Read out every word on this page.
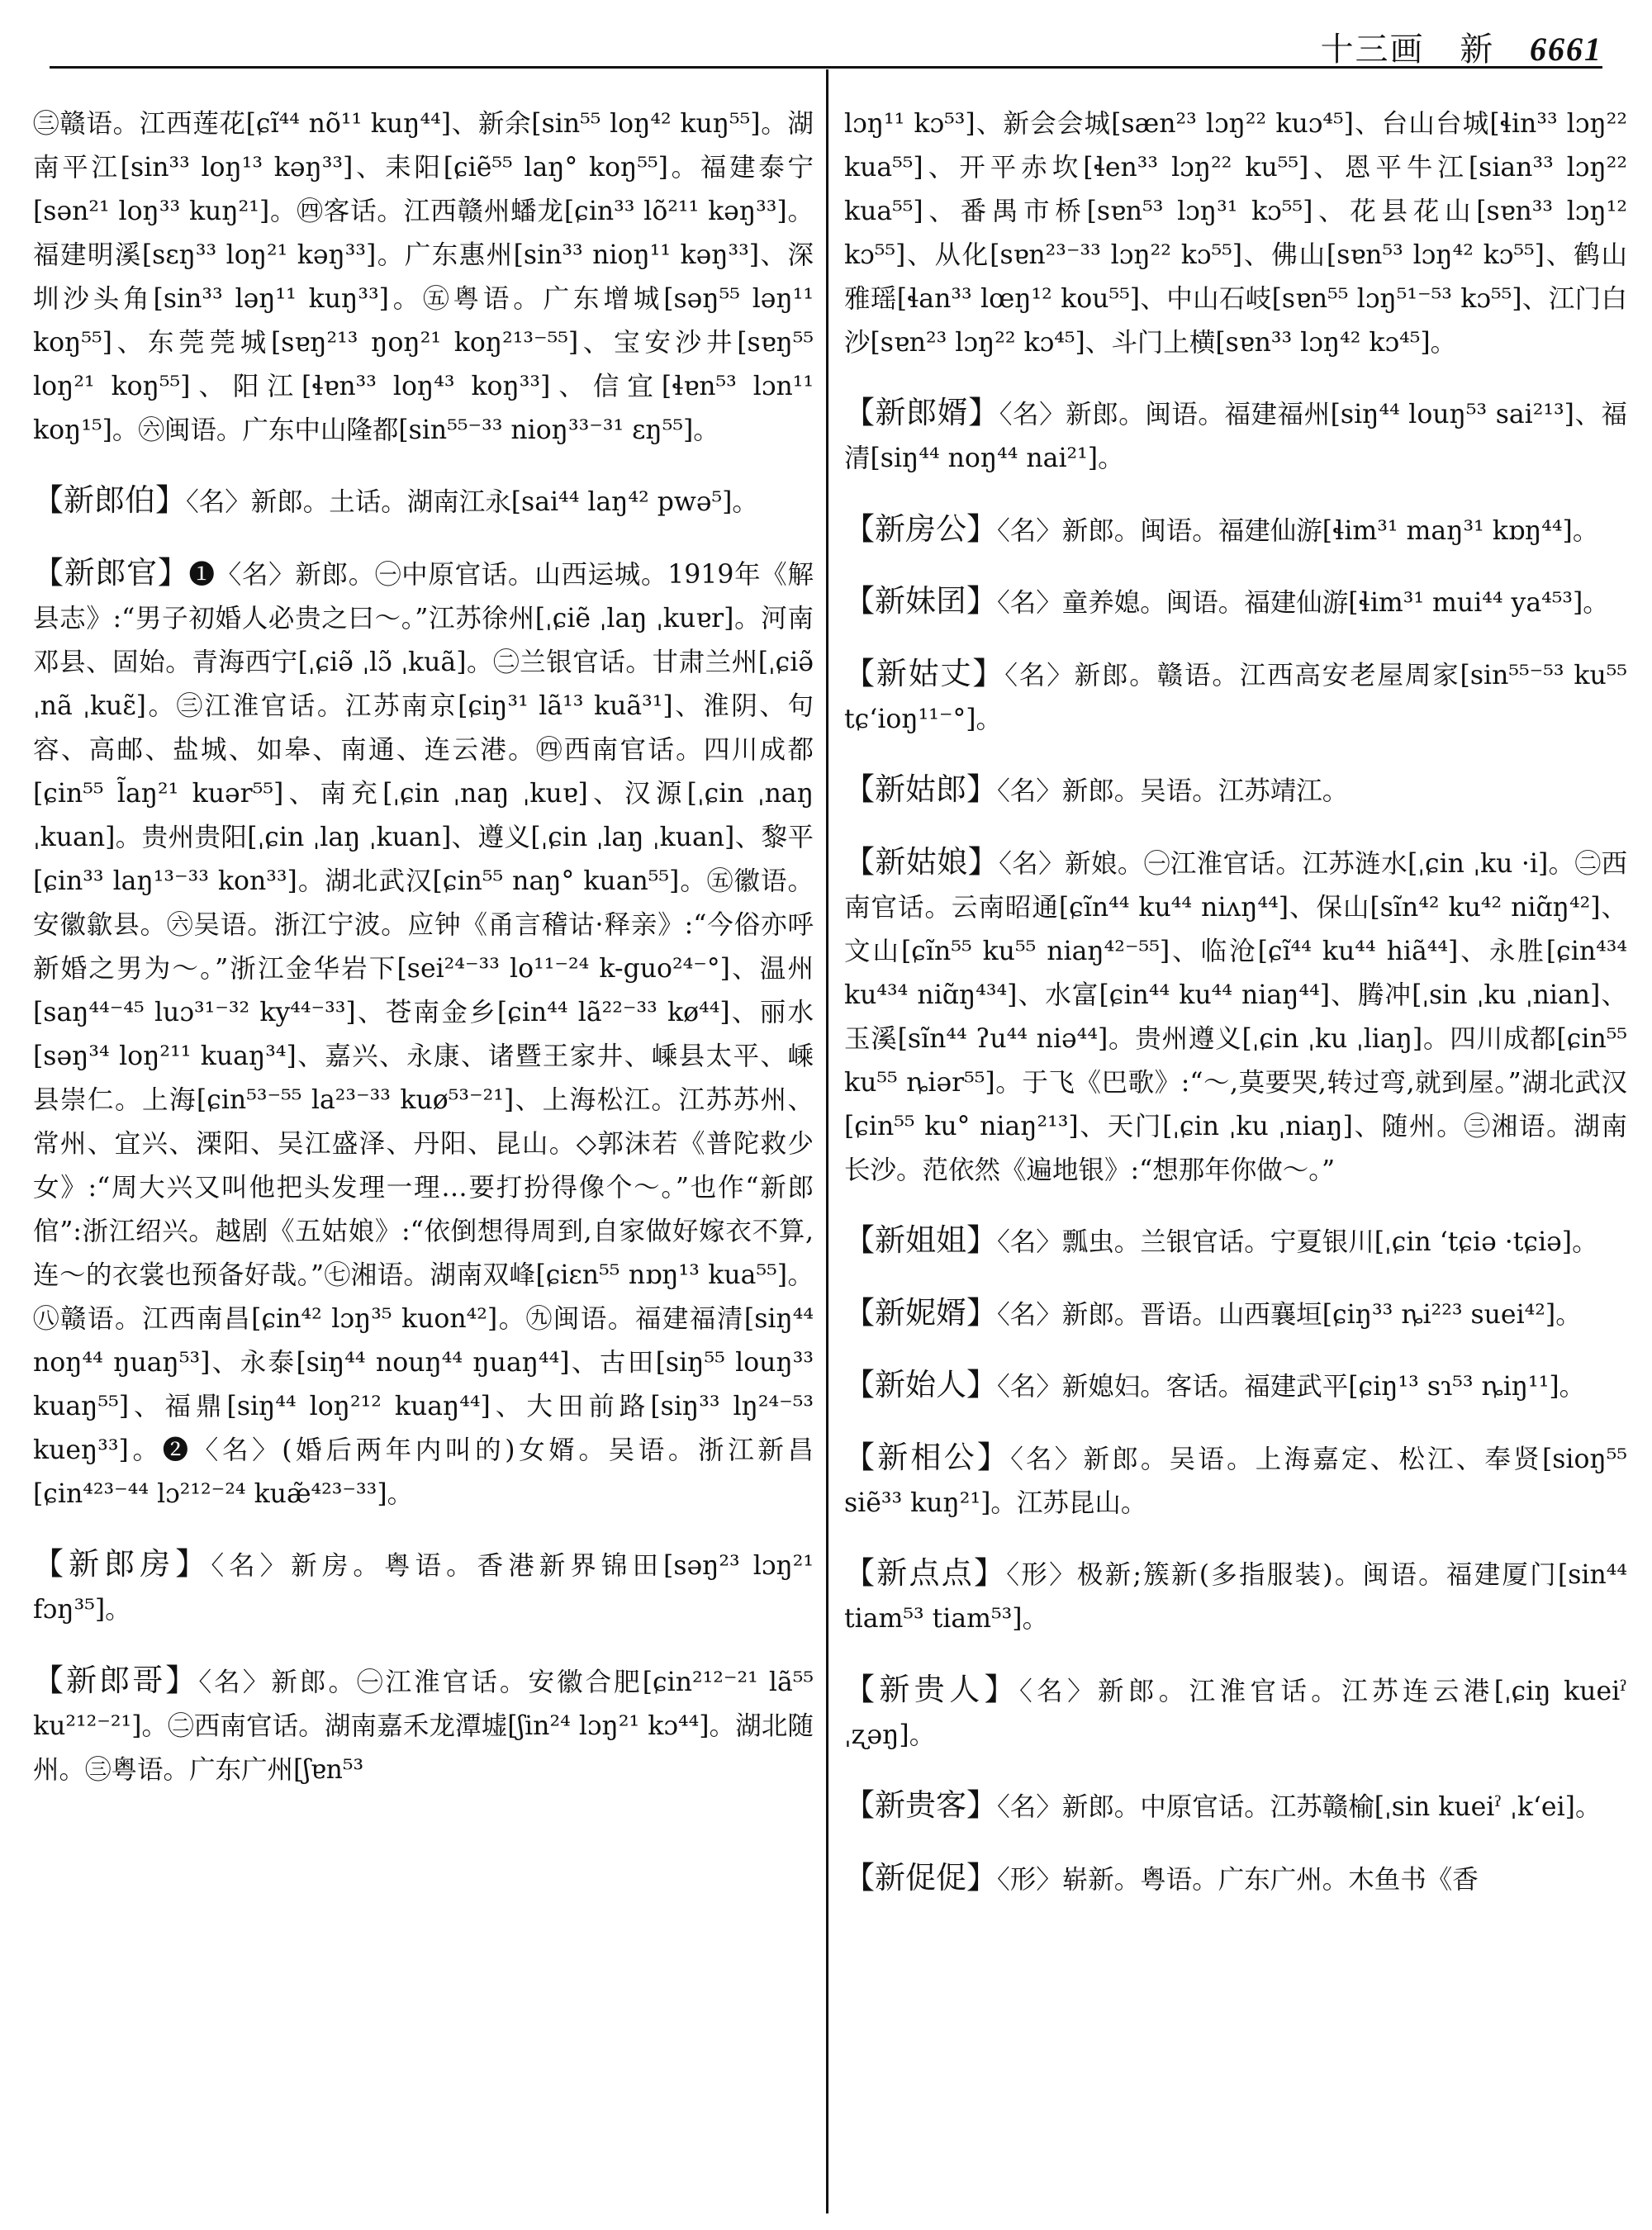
十三画 新 6661

㊂赣语。江西莲花[ɕĩ⁴⁴ nõ¹¹ kuŋ⁴⁴]、新余[sin⁵⁵ loŋ⁴² kuŋ⁵⁵]。湖南平江[sin³³ loŋ¹³ kəŋ³³]、耒阳[ɕiẽ⁵⁵ laŋ° koŋ⁵⁵]。福建泰宁[sən²¹ loŋ³³ kuŋ²¹]。㊃客话。江西赣州蟠龙[ɕin³³ lõ²¹¹ kəŋ³³]。福建明溪[sɛŋ³³ loŋ²¹ kəŋ³³]。广东惠州[sin³³ nioŋ¹¹ kəŋ³³]、深圳沙头角[sin³³ ləŋ¹¹ kuŋ³³]。㊄粤语。广东增城[səŋ⁵⁵ ləŋ¹¹ koŋ⁵⁵]、东莞莞城[sɐŋ²¹³ ŋoŋ²¹ koŋ²¹³⁻⁵⁵]、宝安沙井[sɐŋ⁵⁵ loŋ²¹ koŋ⁵⁵]、阳江[ɬɐn³³ loŋ⁴³ koŋ³³]、信宜[ɬɐn⁵³ lɔn¹¹ koŋ¹⁵]。㊅闽语。广东中山隆都[sin⁵⁵⁻³³ nioŋ³³⁻³¹ ɛŋ⁵⁵]。

【新郎伯】〈名〉新郎。土话。湖南江永[sai⁴⁴ laŋ⁴² pwə⁵]。

【新郎官】❶〈名〉新郎。㊀中原官话。山西运城。1919年《解县志》:“男子初婚人必贵之曰～。”江苏徐州[ˌɕiẽ ˌlaŋ ˌkuɐr]。河南邓县、固始。青海西宁[ˌɕiə̃ ˌlɔ̃ ˌkuã]。㊁兰银官话。甘肃兰州[ˌɕiə̃ ˌnã ˌkuɛ̃]。㊂江淮官话。江苏南京[ɕiŋ³¹ lã¹³ kuã³¹]、淮阴、句容、高邮、盐城、如皋、南通、连云港。㊃西南官话。四川成都[ɕin⁵⁵ l̃aŋ²¹ kuər⁵⁵]、南充[ˌɕin ˌnaŋ ˌkuɐ]、汉源[ˌɕin ˌnaŋ ˌkuan]。贵州贵阳[ˌɕin ˌlaŋ ˌkuan]、遵义[ˌɕin ˌlaŋ ˌkuan]、黎平[ɕin³³ laŋ¹³⁻³³ kon³³]。湖北武汉[ɕin⁵⁵ naŋ° kuan⁵⁵]。㊄徽语。安徽歙县。㊅吴语。浙江宁波。应钟《甬言稽诂·释亲》:“今俗亦呼新婚之男为～。”浙江金华岩下[sei²⁴⁻³³ lo¹¹⁻²⁴ k-guo²⁴⁻°]、温州[saŋ⁴⁴⁻⁴⁵ luɔ³¹⁻³² ky⁴⁴⁻³³]、苍南金乡[ɕin⁴⁴ lã²²⁻³³ kø⁴⁴]、丽水[səŋ³⁴ loŋ²¹¹ kuaŋ³⁴]、嘉兴、永康、诸暨王家井、嵊县太平、嵊县崇仁。上海[ɕin⁵³⁻⁵⁵ la²³⁻³³ kuø⁵³⁻²¹]、上海松江。江苏苏州、常州、宜兴、溧阳、吴江盛泽、丹阳、昆山。◇郭沫若《普陀救少女》:“周大兴又叫他把头发理一理…要打扮得像个～。”也作“新郎倌”:浙江绍兴。越剧《五姑娘》:“依倒想得周到,自家做好嫁衣不算,连～的衣裳也预备好哉。”㊆湘语。湖南双峰[ɕiɛn⁵⁵ nɒŋ¹³ kua⁵⁵]。㊇赣语。江西南昌[ɕin⁴² lɔŋ³⁵ kuon⁴²]。㊈闽语。福建福清[siŋ⁴⁴ noŋ⁴⁴ ŋuaŋ⁵³]、永泰[siŋ⁴⁴ nouŋ⁴⁴ ŋuaŋ⁴⁴]、古田[siŋ⁵⁵ louŋ³³ kuaŋ⁵⁵]、福鼎[siŋ⁴⁴ loŋ²¹² kuaŋ⁴⁴]、大田前路[siŋ³³ lŋ²⁴⁻⁵³ kueŋ³³]。❷〈名〉(婚后两年内叫的)女婿。吴语。浙江新昌[ɕin⁴²³⁻⁴⁴ lɔ²¹²⁻²⁴ kuæ̃⁴²³⁻³³]。

【新郎房】〈名〉新房。粤语。香港新界锦田[səŋ²³ lɔŋ²¹ fɔŋ³⁵]。

【新郎哥】〈名〉新郎。㊀江淮官话。安徽合肥[ɕin²¹²⁻²¹ lã⁵⁵ ku²¹²⁻²¹]。㊁西南官话。湖南嘉禾龙潭墟[ʃin²⁴ lɔŋ²¹ kɔ⁴⁴]。湖北随州。㊂粤语。广东广州[ʃɐn⁵³

lɔŋ¹¹ kɔ⁵³]、新会会城[sæn²³ lɔŋ²² kuɔ⁴⁵]、台山台城[ɬin³³ lɔŋ²² kua⁵⁵]、开平赤坎[ɬen³³ lɔŋ²² ku⁵⁵]、恩平牛江[sian³³ lɔŋ²² kua⁵⁵]、番禺市桥[sɐn⁵³ lɔŋ³¹ kɔ⁵⁵]、花县花山[sɐn³³ lɔŋ¹² kɔ⁵⁵]、从化[sɐn²³⁻³³ lɔŋ²² kɔ⁵⁵]、佛山[sɐn⁵³ lɔŋ⁴² kɔ⁵⁵]、鹤山雅瑶[ɬan³³ lœŋ¹² kou⁵⁵]、中山石岐[sɐn⁵⁵ lɔŋ⁵¹⁻⁵³ kɔ⁵⁵]、江门白沙[sɐn²³ lɔŋ²² kɔ⁴⁵]、斗门上横[sɐn³³ lɔŋ⁴² kɔ⁴⁵]。

【新郎婿】〈名〉新郎。闽语。福建福州[siŋ⁴⁴ louŋ⁵³ sai²¹³]、福清[siŋ⁴⁴ noŋ⁴⁴ nai²¹]。

【新房公】〈名〉新郎。闽语。福建仙游[ɬim³¹ maŋ³¹ kɒŋ⁴⁴]。

【新妹囝】〈名〉童养媳。闽语。福建仙游[ɬim³¹ mui⁴⁴ ya⁴⁵³]。

【新姑丈】〈名〉新郎。赣语。江西高安老屋周家[sin⁵⁵⁻⁵³ ku⁵⁵ tɕʻioŋ¹¹⁻°]。

【新姑郎】〈名〉新郎。吴语。江苏靖江。

【新姑娘】〈名〉新娘。㊀江淮官话。江苏涟水[ˌɕin ˌku ·i]。㊁西南官话。云南昭通[ɕĩn⁴⁴ ku⁴⁴ niʌŋ⁴⁴]、保山[sĩn⁴² ku⁴² niɑ̃ŋ⁴²]、文山[ɕĩn⁵⁵ ku⁵⁵ niaŋ⁴²⁻⁵⁵]、临沧[ɕĩ⁴⁴ ku⁴⁴ hiã⁴⁴]、永胜[ɕin⁴³⁴ ku⁴³⁴ niɑ̃ŋ⁴³⁴]、水富[ɕin⁴⁴ ku⁴⁴ niaŋ⁴⁴]、腾冲[ˌsin ˌku ˌnian]、玉溪[sĩn⁴⁴ ʔu⁴⁴ niə⁴⁴]。贵州遵义[ˌɕin ˌku ˌliaŋ]。四川成都[ɕin⁵⁵ ku⁵⁵ ȵiər⁵⁵]。于飞《巴歌》:“～,莫要哭,转过弯,就到屋。”湖北武汉[ɕin⁵⁵ ku° niaŋ²¹³]、天门[ˌɕin ˌku ˌniaŋ]、随州。㊂湘语。湖南长沙。范依然《遍地银》:“想那年你做～。”

【新姐姐】〈名〉瓢虫。兰银官话。宁夏银川[ˌɕin ʻtɕiə ·tɕiə]。

【新妮婿】〈名〉新郎。晋语。山西襄垣[ɕiŋ³³ ȵi²²³ suei⁴²]。

【新始人】〈名〉新媳妇。客话。福建武平[ɕiŋ¹³ sɿ⁵³ ȵiŋ¹¹]。

【新相公】〈名〉新郎。吴语。上海嘉定、松江、奉贤[sioŋ⁵⁵ siẽ³³ kuŋ²¹]。江苏昆山。

【新点点】〈形〉极新;簇新(多指服装)。闽语。福建厦门[sin⁴⁴ tiam⁵³ tiam⁵³]。

【新贵人】〈名〉新郎。江淮官话。江苏连云港[ˌɕiŋ kueiˀ ˌʐəŋ]。

【新贵客】〈名〉新郎。中原官话。江苏赣榆[ˌsin kueiˀ ˌkʻei]。

【新促促】〈形〉崭新。粤语。广东广州。木鱼书《香
